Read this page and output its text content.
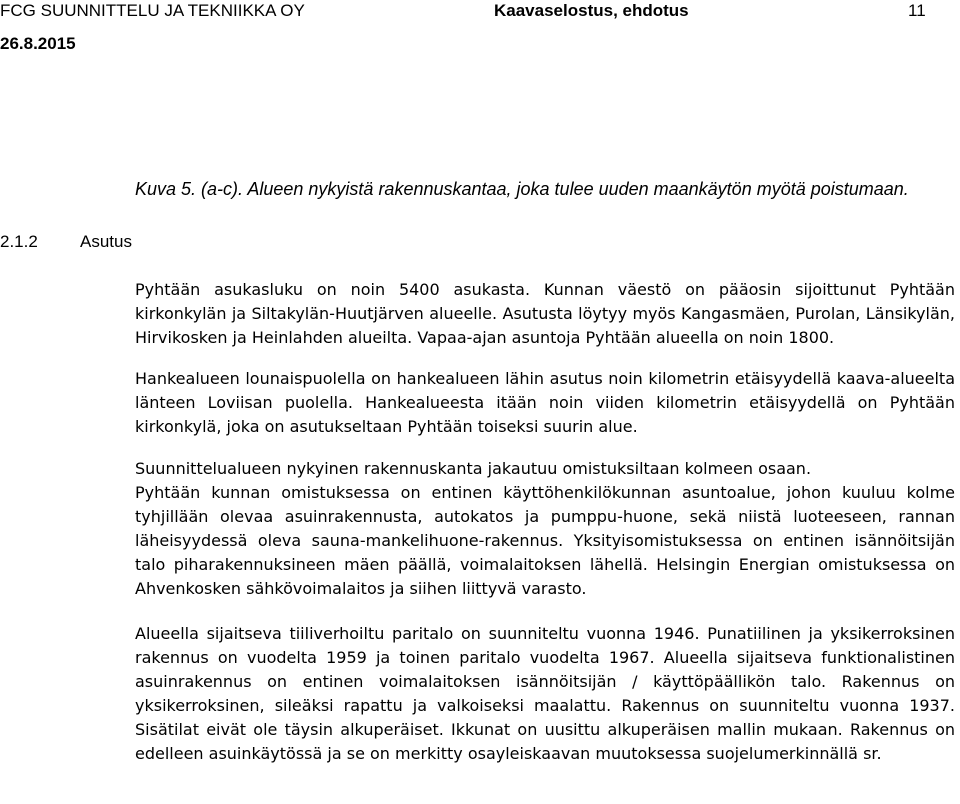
FCG SUUNNITTELU JA TEKNIIKKA OY	Kaavaselostus, ehdotus	11
26.8.2015
Kuva 5. (a-c). Alueen nykyistä rakennuskantaa, joka tulee uuden maankäytön myötä poistumaan.
2.1.2 Asutus

Pyhtään asukasluku on noin 5400 asukasta. Kunnan väestö on pääosin sijoittunut Pyhtään kirkonkylän ja Siltakylän-Huutjärven alueelle. Asutusta löytyy myös Kangasmäen, Purolan, Länsikylän, Hirvikosken ja Heinlahden alueilta. Vapaa-ajan asuntoja Pyhtään alueella on noin 1800.

Hankealueen lounaispuolella on hankealueen lähin asutus noin kilometrin etäisyydellä kaava-alueelta länteen Loviisan puolella. Hankealueesta itään noin viiden kilometrin etäisyydellä on Pyhtään kirkonkylä, joka on asutukseltaan Pyhtään toiseksi suurin alue.

Suunnittelualueen nykyinen rakennuskanta jakautuu omistuksiltaan kolmeen osaan.

Pyhtään kunnan omistuksessa on entinen käyttöhenkilökunnan asuntoalue, johon kuuluu kolme tyhjillään olevaa asuinrakennusta, autokatos ja pumppu-huone, sekä niistä luoteeseen, rannan läheisyydessä oleva sauna-mankelihuone-rakennus. Yksityisomistuksessa on entinen isännöitsijän talo piharakennuksineen mäen päällä, voimalaitoksen lähellä. Helsingin Energian omistuksessa on Ahvenkosken sähkövoimalaitos ja siihen liittyvä varasto.

Alueella sijaitseva tiiliverhoiltu paritalo on suunniteltu vuonna 1946. Punatiilinen ja yksikerroksinen rakennus on vuodelta 1959 ja toinen paritalo vuodelta 1967. Alueella sijaitseva funktionalistinen asuinrakennus on entinen voimalaitoksen isännöitsijän / käyttöpäällikön talo. Rakennus on yksikerroksinen, sileäksi rapattu ja valkoiseksi maalattu. Rakennus on suunniteltu vuonna 1937. Sisätilat eivät ole täysin alkuperäiset. Ikkunat on uusittu alkuperäisen mallin mukaan. Rakennus on edelleen asuinkäytössä ja se on merkitty osayleiskaavan muutoksessa suojelumerkinnällä sr.
